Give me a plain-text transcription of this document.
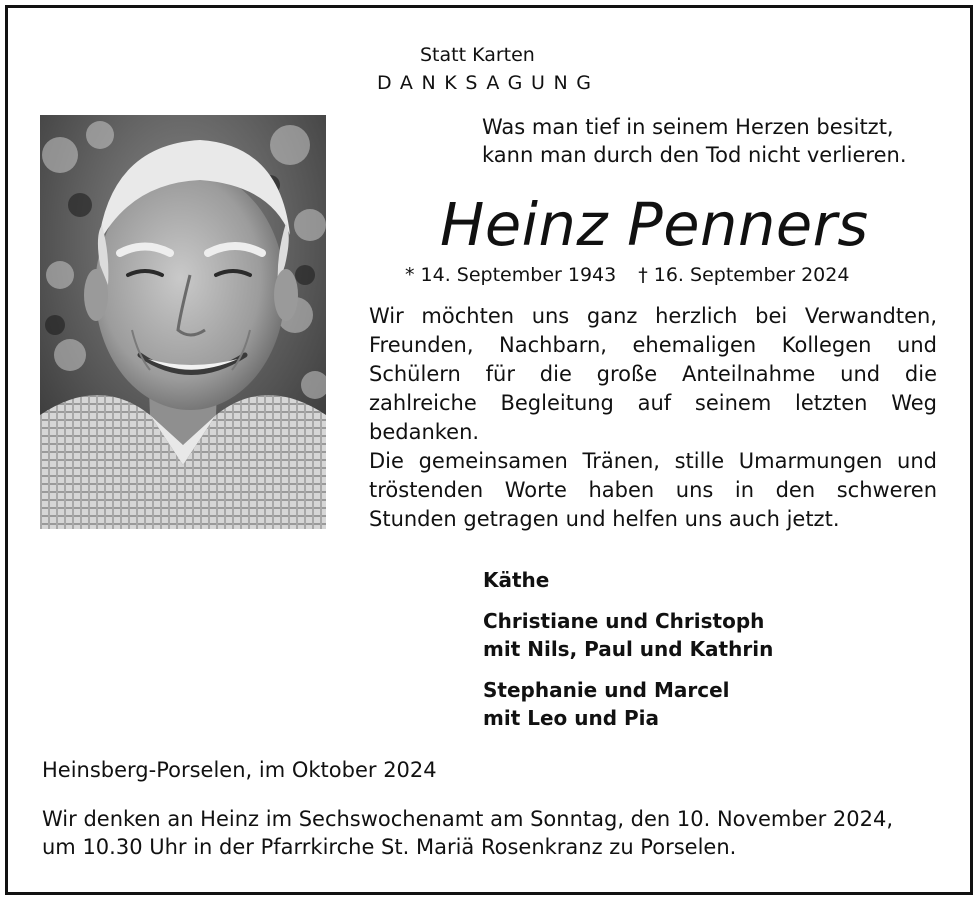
Statt Karten
DANKSAGUNG
Was man tief in seinem Herzen besitzt,
kann man durch den Tod nicht verlieren.
Heinz Penners
* 14. September 1943 † 16. September 2024

Wir möchten uns ganz herzlich bei Verwandten, Freunden, Nachbarn, ehemaligen Kollegen und Schülern für die große Anteilnahme und die zahlreiche Begleitung auf seinem letzten Weg bedanken.

Die gemeinsamen Tränen, stille Umarmungen und tröstenden Worte haben uns in den schweren Stunden getragen und helfen uns auch jetzt.

Käthe
Christiane und Christoph
mit Nils, Paul und Kathrin
Stephanie und Marcel
mit Leo und Pia
Heinsberg-Porselen, im Oktober 2024
Wir denken an Heinz im Sechswochenamt am Sonntag, den 10. November 2024,
um 10.30 Uhr in der Pfarrkirche St. Mariä Rosenkranz zu Porselen.
